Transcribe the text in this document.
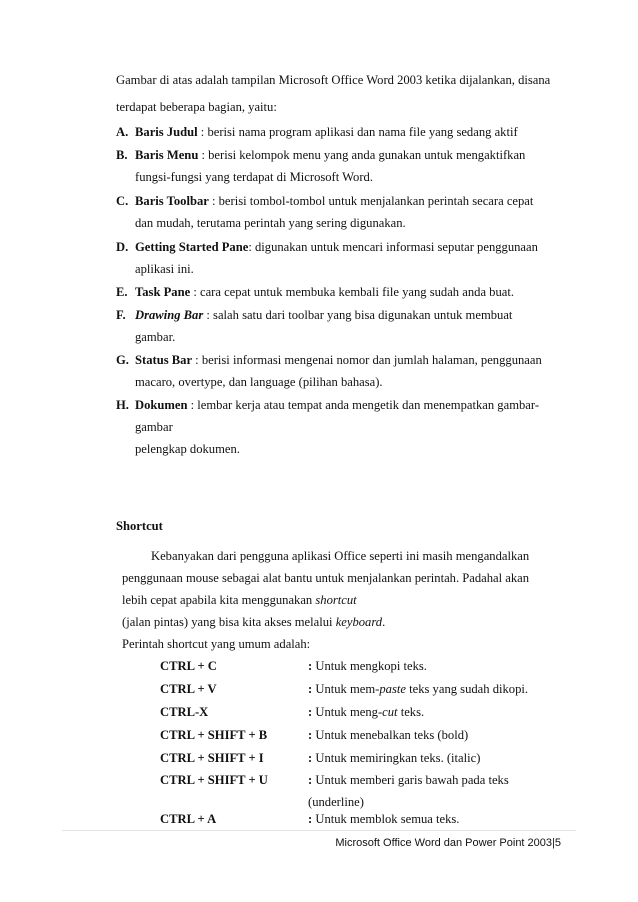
Gambar di atas adalah tampilan Microsoft Office Word 2003 ketika dijalankan, disana
terdapat beberapa bagian, yaitu:
A. Baris Judul : berisi nama program aplikasi dan nama file yang sedang aktif
B. Baris Menu : berisi kelompok menu yang anda gunakan untuk mengaktifkan
fungsi-fungsi yang terdapat di Microsoft Word.
C. Baris Toolbar : berisi tombol-tombol untuk menjalankan perintah secara cepat
dan mudah, terutama perintah yang sering digunakan.
D. Getting Started Pane: digunakan untuk mencari informasi seputar penggunaan
aplikasi ini.
E. Task Pane : cara cepat untuk membuka kembali file yang sudah anda buat.
F. Drawing Bar : salah satu dari toolbar yang bisa digunakan untuk membuat
gambar.
G. Status Bar : berisi informasi mengenai nomor dan jumlah halaman, penggunaan
macaro, overtype, dan language (pilihan bahasa).
H. Dokumen : lembar kerja atau tempat anda mengetik dan menempatkan gambar-
gambar
pelengkap dokumen.
Shortcut
Kebanyakan dari pengguna aplikasi Office seperti ini masih mengandalkan
penggunaan mouse sebagai alat bantu untuk menjalankan perintah. Padahal akan
lebih cepat apabila kita menggunakan shortcut
(jalan pintas) yang bisa kita akses melalui keyboard.
Perintah shortcut yang umum adalah:
CTRL + C	: Untuk mengkopi teks.
CTRL + V	: Untuk mem-paste teks yang sudah dikopi.
CTRL-X	: Untuk meng-cut teks.
CTRL + SHIFT + B	: Untuk menebalkan teks (bold)
CTRL + SHIFT + I	: Untuk memiringkan teks. (italic)
CTRL + SHIFT + U	: Untuk memberi garis bawah pada teks
(underline)
CTRL + A	: Untuk memblok semua teks.
Microsoft Office Word dan Power Point 2003|5
